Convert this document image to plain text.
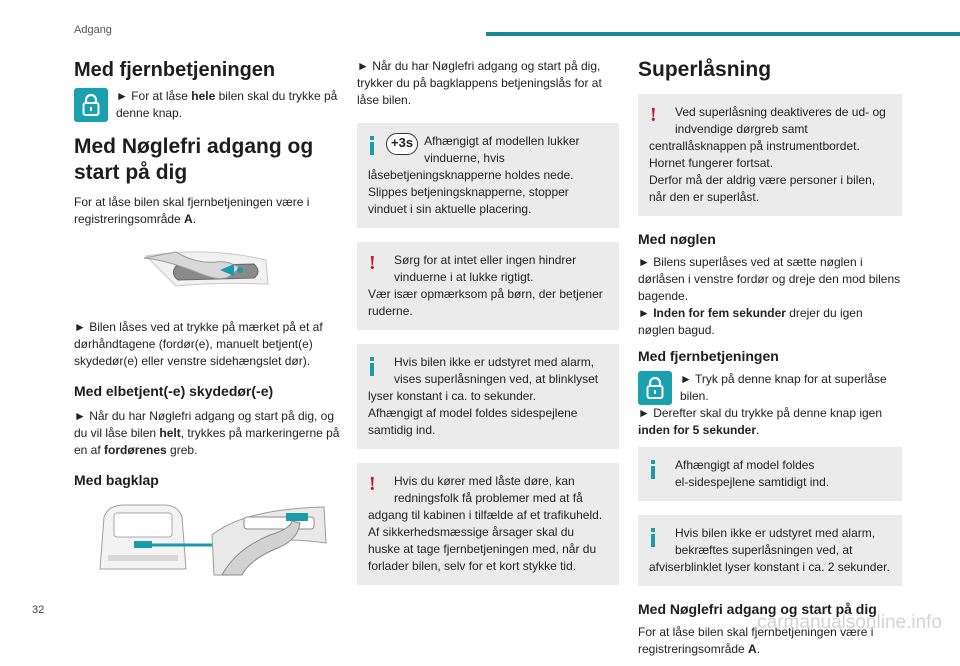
Adgang
Med fjernbetjeningen
► For at låse hele bilen skal du trykke på denne knap.
Med Nøglefri adgang og start på dig

For at låse bilen skal fjernbetjeningen være i registreringsområde A.

► Bilen låses ved at trykke på mærket på et af dørhåndtagene (fordør(e), manuelt betjent(e) skydedør(e) eller venstre sidehængslet dør).

Med elbetjent(-e) skydedør(-e)

► Når du har Nøglefri adgang og start på dig, og du vil låse bilen helt, trykkes på markeringerne på en af fordørenes greb.

Med bagklap

► Når du har Nøglefri adgang og start på dig, trykker du på bagklappens betjeningslås for at låse bilen.

+3s Afhængigt af modellen lukker vinduerne, hvis

låsebetjeningsknapperne holdes nede.

Slippes betjeningsknapperne, stopper vinduet i sin aktuelle placering.

!	Sørg for at intet eller ingen hindrer vinduerne i at lukke rigtigt.

Vær især opmærksom på børn, der betjener ruderne.

Hvis bilen ikke er udstyret med alarm, vises superlåsningen ved, at blinklyset

lyser konstant i ca. to sekunder.

Afhængigt af model foldes sidespejlene samtidig ind.

!	Hvis du kører med låste døre, kan redningsfolk få problemer med at få

adgang til kabinen i tilfælde af et trafikuheld.

Af sikkerhedsmæssige årsager skal du huske at tage fjernbetjeningen med, når du forlader bilen, selv for et kort stykke tid.

Superlåsning
!	Ved superlåsning deaktiveres de ud- og indvendige dørgreb samt

centrallåsknappen på instrumentbordet.

Hornet fungerer fortsat.

Derfor må der aldrig være personer i bilen, når den er superlåst.

Med nøglen

► Bilens superlåses ved at sætte nøglen i dørlåsen i venstre fordør og dreje den mod bilens bagende.

► Inden for fem sekunder drejer du igen nøglen bagud.

Med fjernbetjeningen
► Tryk på denne knap for at superlåse bilen.

► Derefter skal du trykke på denne knap igen inden for 5 sekunder.

Afhængigt af model foldes

el-sidespejlene samtidigt ind.

Hvis bilen ikke er udstyret med alarm, bekræftes superlåsningen ved, at

afviserblinklet lyser konstant i ca. 2 sekunder.

Med Nøglefri adgang og start på dig

For at låse bilen skal fjernbetjeningen være i registreringsområde A.

32
carmanualsonline.info
